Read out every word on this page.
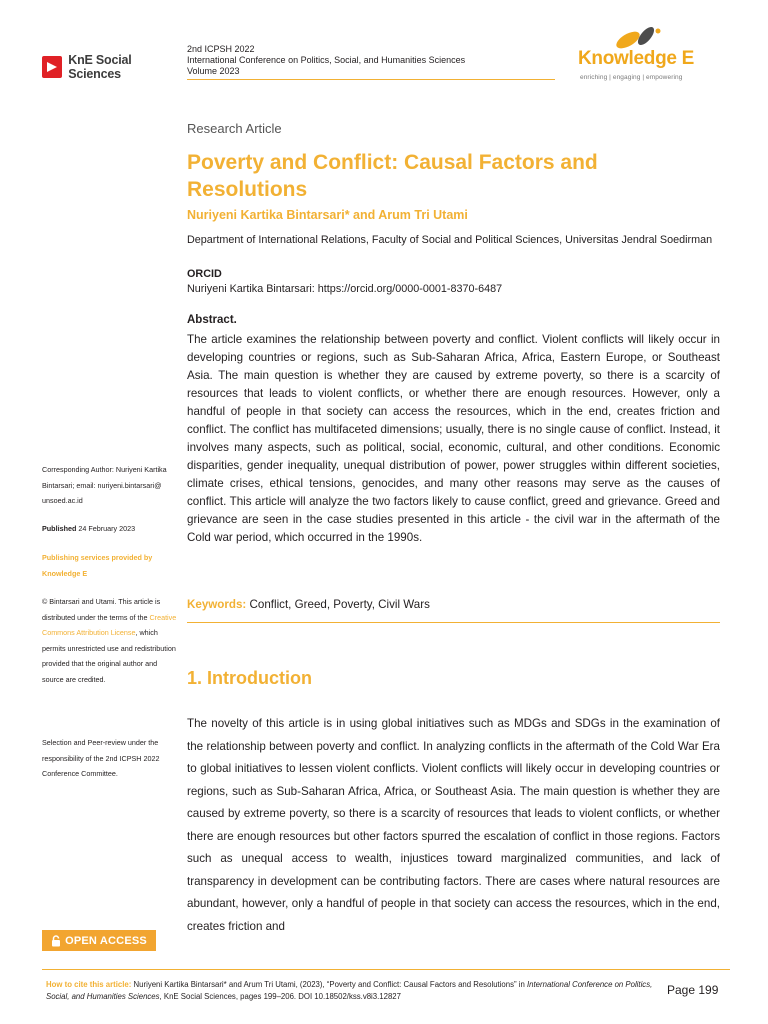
KnE Social Sciences
2nd ICPSH 2022
International Conference on Politics, Social, and Humanities Sciences
Volume 2023
Knowledge E
enriching | engaging | empowering
Research Article
Poverty and Conflict: Causal Factors and Resolutions
Nuriyeni Kartika Bintarsari* and Arum Tri Utami
Department of International Relations, Faculty of Social and Political Sciences, Universitas Jendral Soedirman
ORCID
Nuriyeni Kartika Bintarsari: https://orcid.org/0000-0001-8370-6487
Abstract.
The article examines the relationship between poverty and conflict. Violent conflicts will likely occur in developing countries or regions, such as Sub-Saharan Africa, Africa, Eastern Europe, or Southeast Asia. The main question is whether they are caused by extreme poverty, so there is a scarcity of resources that leads to violent conflicts, or whether there are enough resources. However, only a handful of people in that society can access the resources, which in the end, creates friction and conflict. The conflict has multifaceted dimensions; usually, there is no single cause of conflict. Instead, it involves many aspects, such as political, social, economic, cultural, and other conditions. Economic disparities, gender inequality, unequal distribution of power, power struggles within different societies, climate crises, ethical tensions, genocides, and many other reasons may serve as the causes of conflict. This article will analyze the two factors likely to cause conflict, greed and grievance. Greed and grievance are seen in the case studies presented in this article - the civil war in the aftermath of the Cold war period, which occurred in the 1990s.
Keywords: Conflict, Greed, Poverty, Civil Wars
1. Introduction
The novelty of this article is in using global initiatives such as MDGs and SDGs in the examination of the relationship between poverty and conflict. In analyzing conflicts in the aftermath of the Cold War Era to global initiatives to lessen violent conflicts. Violent conflicts will likely occur in developing countries or regions, such as Sub-Saharan Africa, Africa, or Southeast Asia. The main question is whether they are caused by extreme poverty, so there is a scarcity of resources that leads to violent conflicts, or whether there are enough resources but other factors spurred the escalation of conflict in those regions. Factors such as unequal access to wealth, injustices toward marginalized communities, and lack of transparency in development can be contributing factors. There are cases where natural resources are abundant, however, only a handful of people in that society can access the resources, which in the end, creates friction and
Corresponding Author: Nuriyeni Kartika Bintarsari; email: nuriyeni.bintarsari@ unsoed.ac.id
Published 24 February 2023
Publishing services provided by Knowledge E
© Bintarsari and Utami. This article is distributed under the terms of the Creative Commons Attribution License, which permits unrestricted use and redistribution provided that the original author and source are credited.
Selection and Peer-review under the responsibility of the 2nd ICPSH 2022 Conference Committee.
OPEN ACCESS
How to cite this article: Nuriyeni Kartika Bintarsari* and Arum Tri Utami, (2023), “Poverty and Conflict: Causal Factors and Resolutions” in International Conference on Politics, Social, and Humanities Sciences, KnE Social Sciences, pages 199–206. DOI 10.18502/kss.v8i3.12827	Page 199
